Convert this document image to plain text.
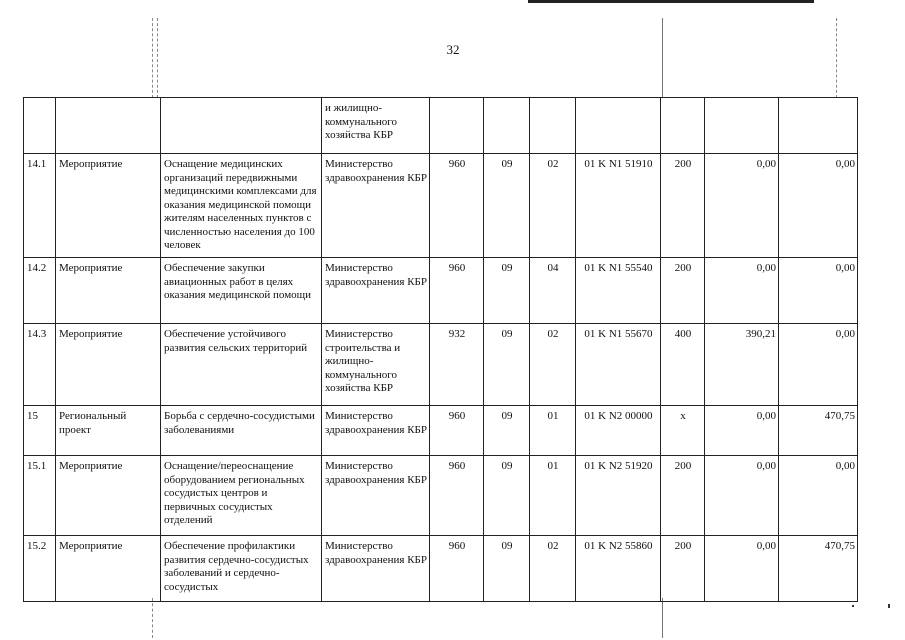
32
			и жилищно-коммунального хозяйства КБР							
14.1	Мероприятие	Оснащение медицинских организаций передвижными медицинскими комплексами для оказания медицинской помощи жителям населенных пунктов с численностью населения до 100 человек	Министерство здравоохранения КБР	960	09	02	01 K N1 51910	200	0,00	0,00
14.2	Мероприятие	Обеспечение закупки авиационных работ в целях оказания медицинской помощи	Министерство здравоохранения КБР	960	09	04	01 K N1 55540	200	0,00	0,00
14.3	Мероприятие	Обеспечение устойчивого развития сельских территорий	Министерство строительства и жилищно-коммунального хозяйства КБР	932	09	02	01 K N1 55670	400	390,21	0,00
15	Региональный проект	Борьба с сердечно-сосудистыми заболеваниями	Министерство здравоохранения КБР	960	09	01	01 K N2 00000	x	0,00	470,75
15.1	Мероприятие	Оснащение/переоснащение оборудованием региональных сосудистых центров и первичных сосудистых отделений	Министерство здравоохранения КБР	960	09	01	01 K N2 51920	200	0,00	0,00
15.2	Мероприятие	Обеспечение профилактики развития сердечно-сосудистых заболеваний и сердечно-сосудистых	Министерство здравоохранения КБР	960	09	02	01 K N2 55860	200	0,00	470,75
